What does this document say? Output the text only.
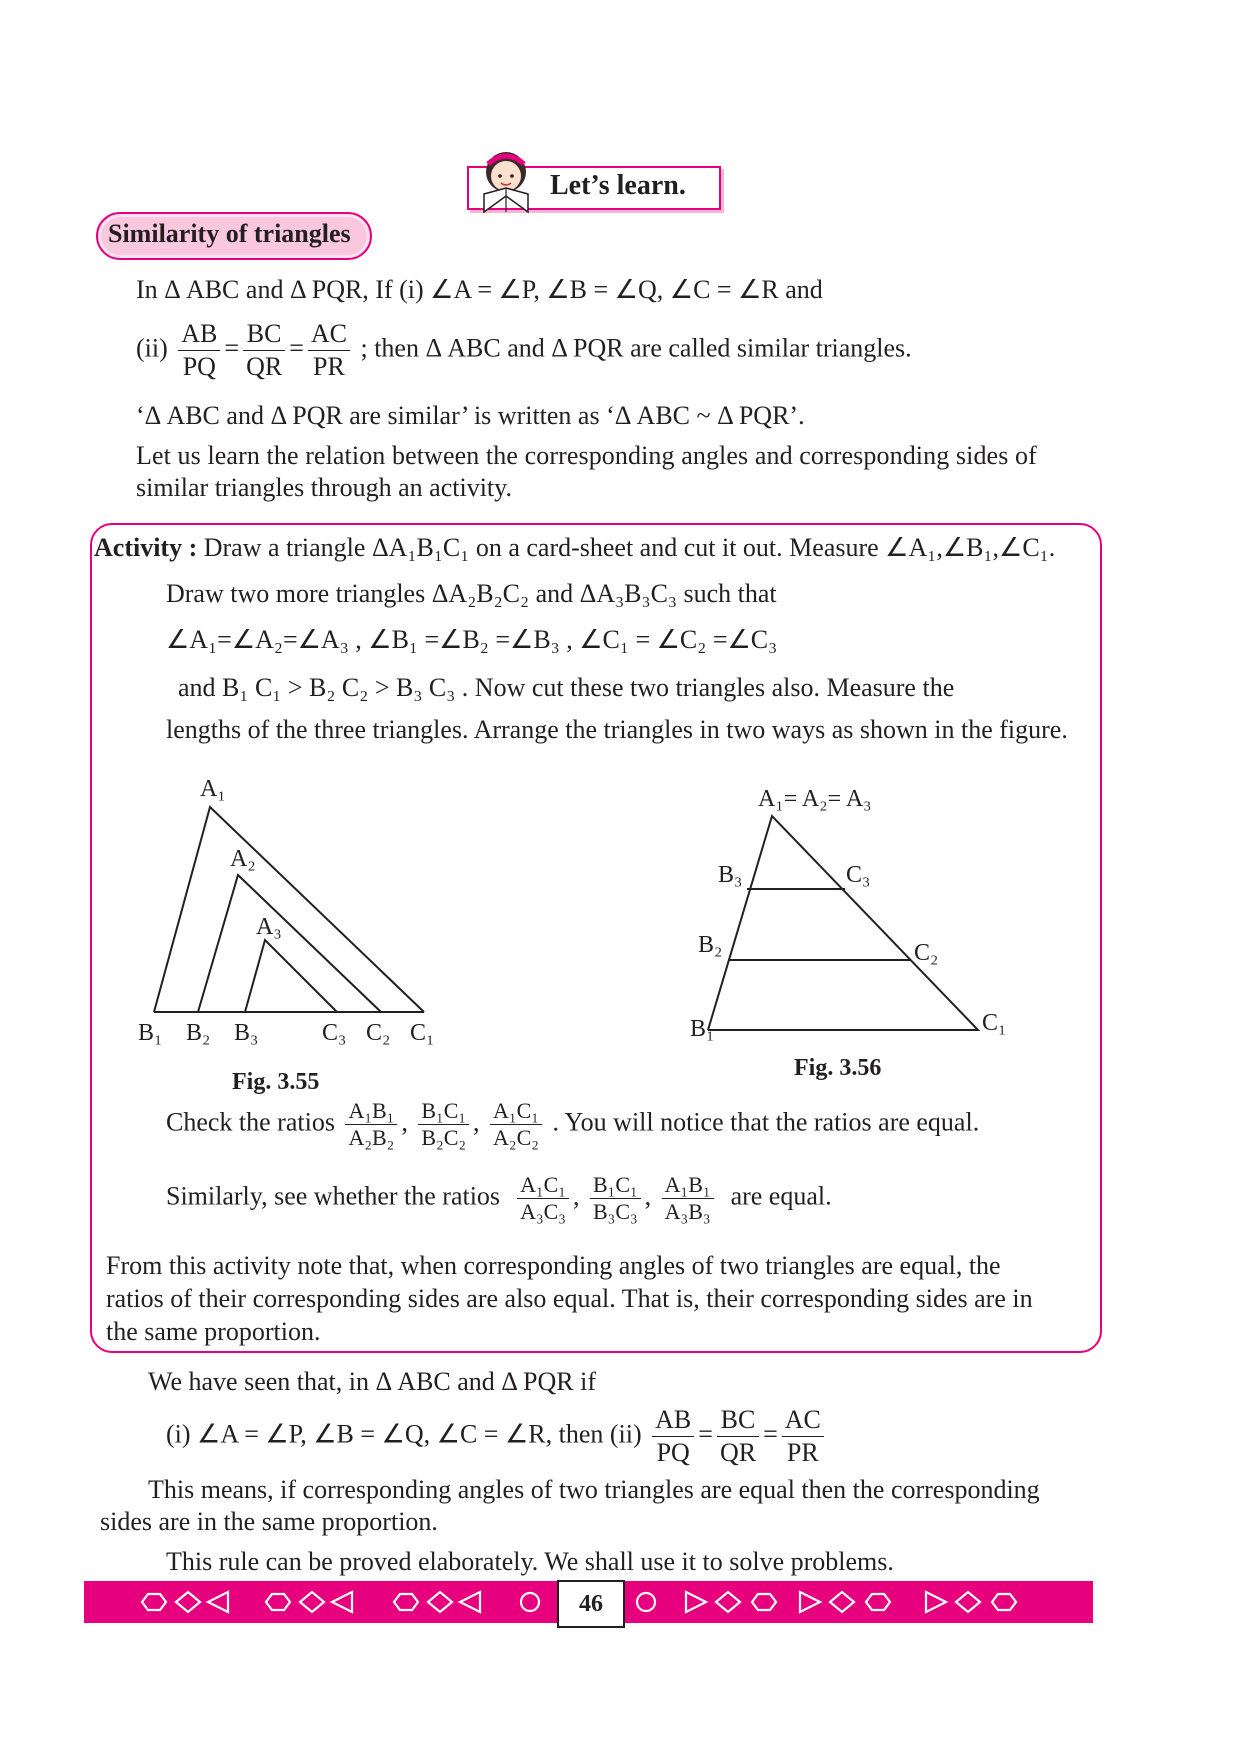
Let’s learn.
Similarity of triangles
In Δ ABC and Δ PQR, If (i) ∠A = ∠P, ∠B = ∠Q, ∠C = ∠R and
$(ii) \frac{AB}{PQ} = \frac{BC}{QR} = \frac{AC}{PR}$ ; then Δ ABC and Δ PQR are called similar triangles.
‘Δ ABC and Δ PQR are similar’ is written as ‘Δ ABC ~ Δ PQR’.
Let us learn the relation between the corresponding angles and corresponding sides of
similar triangles through an activity.
Activity : Draw a triangle ΔA₁B₁C₁ on a card-sheet and cut it out. Measure ∠A₁,∠B₁,∠C₁.
Draw two more triangles ΔA₂B₂C₂ and ΔA₃B₃C₃ such that
∠A₁=∠A₂=∠A₃ , ∠B₁ =∠B₂ =∠B₃ , ∠C₁ = ∠C₂ =∠C₃
and B₁ C₁ > B₂ C₂ > B₃ C₃ . Now cut these two triangles also. Measure the
lengths of the three triangles. Arrange the triangles in two ways as shown in the figure.
A₁
A₂
A₃
B₁ B₂ B₃	C₃ C₂ C₁
Fig. 3.55
A₁= A₂= A₃
B₃	C₃
B₂	C₂
B₁	C₁
Fig. 3.56
Check the ratios $\frac{\text{A₁B₁}}{\text{A₂B₂}}$ , $\frac{\text{B₁C₁}}{\text{B₂C₂}}$ , $\frac{\text{A₁C₁}}{\text{A₂C₂}}$ . You will notice that the ratios are equal.
Similarly, see whether the ratios $\frac{\text{A₁C₁}}{\text{A₃C₃}}$ , $\frac{\text{B₁C₁}}{\text{B₃C₃}}$ , $\frac{\text{A₁B₁}}{\text{A₃B₃}}$ are equal.
From this activity note that, when corresponding angles of two triangles are equal, the
ratios of their corresponding sides are also equal. That is, their corresponding sides are in
the same proportion.
We have seen that, in Δ ABC and Δ PQR if
(i) ∠A = ∠P, ∠B = ∠Q, ∠C = ∠R, then $(ii) \frac{AB}{PQ} = \frac{BC}{QR} = \frac{AC}{PR}$
This means, if corresponding angles of two triangles are equal then the corresponding
sides are in the same proportion.
This rule can be proved elaborately. We shall use it to solve problems.
46
